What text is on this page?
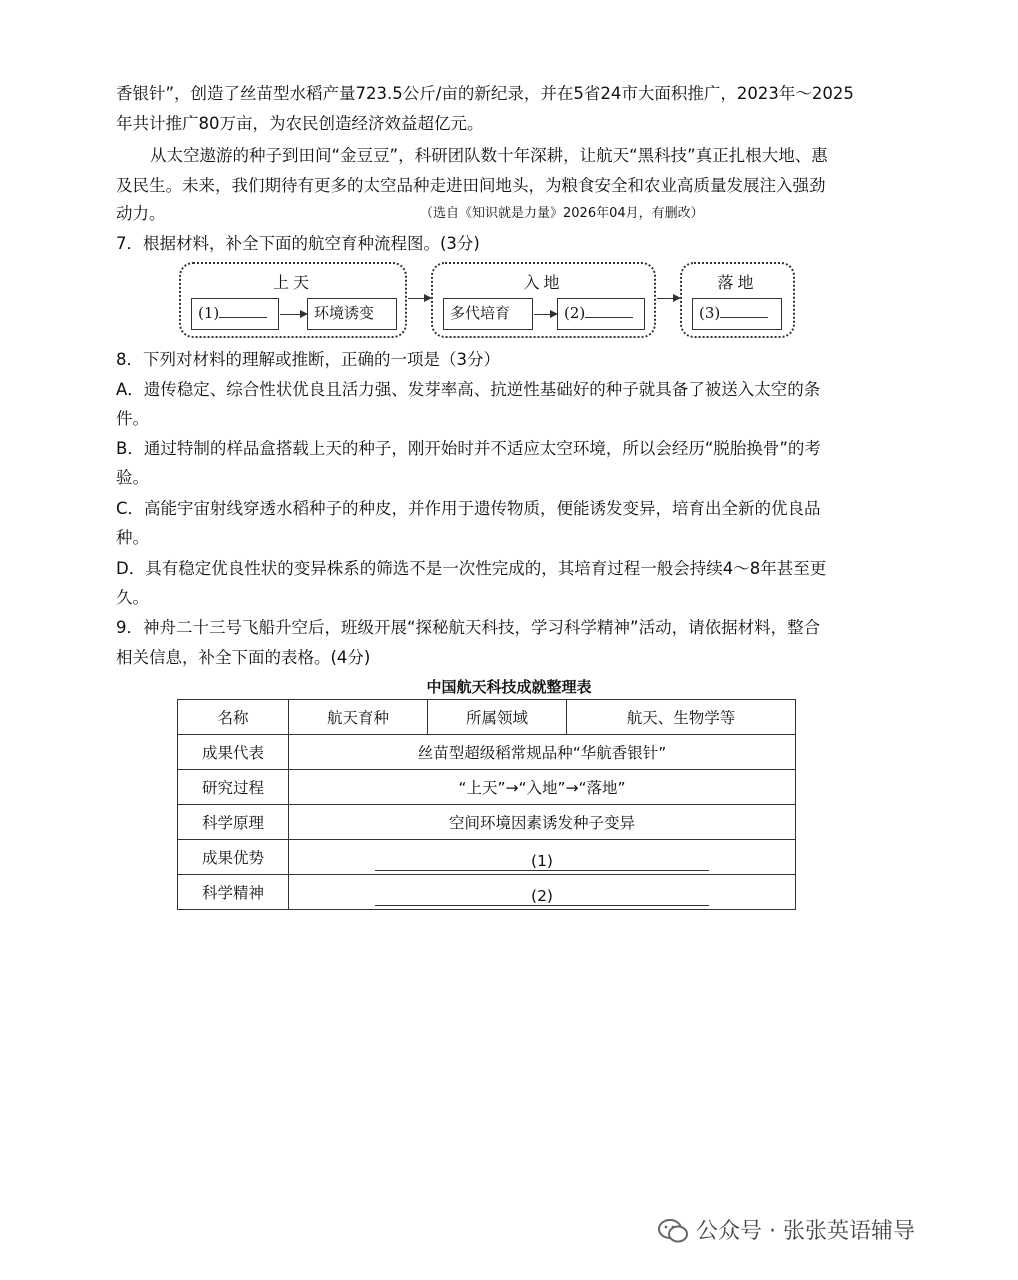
香银针”，创造了丝苗型水稻产量723.5公斤/亩的新纪录，并在5省24市大面积推广，2023年～2025
年共计推广80万亩，为农民创造经济效益超亿元。
从太空遨游的种子到田间“金豆豆”，科研团队数十年深耕，让航天“黑科技”真正扎根大地、惠
及民生。未来，我们期待有更多的太空品种走进田间地头，为粮食安全和农业高质量发展注入强劲
动力。	（选自《知识就是力量》2026年04月，有删改）
7．根据材料，补全下面的航空育种流程图。(3分)
上天
(1)	环境诱变
入地
多代培育	(2)
落地
(3)
8．下列对材料的理解或推断，正确的一项是（3分）
A．遗传稳定、综合性状优良且活力强、发芽率高、抗逆性基础好的种子就具备了被送入太空的条
件。
B．通过特制的样品盒搭载上天的种子，刚开始时并不适应太空环境，所以会经历“脱胎换骨”的考
验。
C．高能宇宙射线穿透水稻种子的种皮，并作用于遗传物质，便能诱发变异，培育出全新的优良品
种。
D．具有稳定优良性状的变异株系的筛选不是一次性完成的，其培育过程一般会持续4～8年甚至更
久。
9．神舟二十三号飞船升空后，班级开展“探秘航天科技，学习科学精神”活动，请依据材料，整合
相关信息，补全下面的表格。(4分)
中国航天科技成就整理表
名称	航天育种	所属领域	航天、生物学等
成果代表	丝苗型超级稻常规品种“华航香银针”		
研究过程	“上天”→“入地”→“落地”		
科学原理	空间环境因素诱发种子变异		
成果优势	(1)		
科学精神	(2)		
公众号 · 张张英语辅导
